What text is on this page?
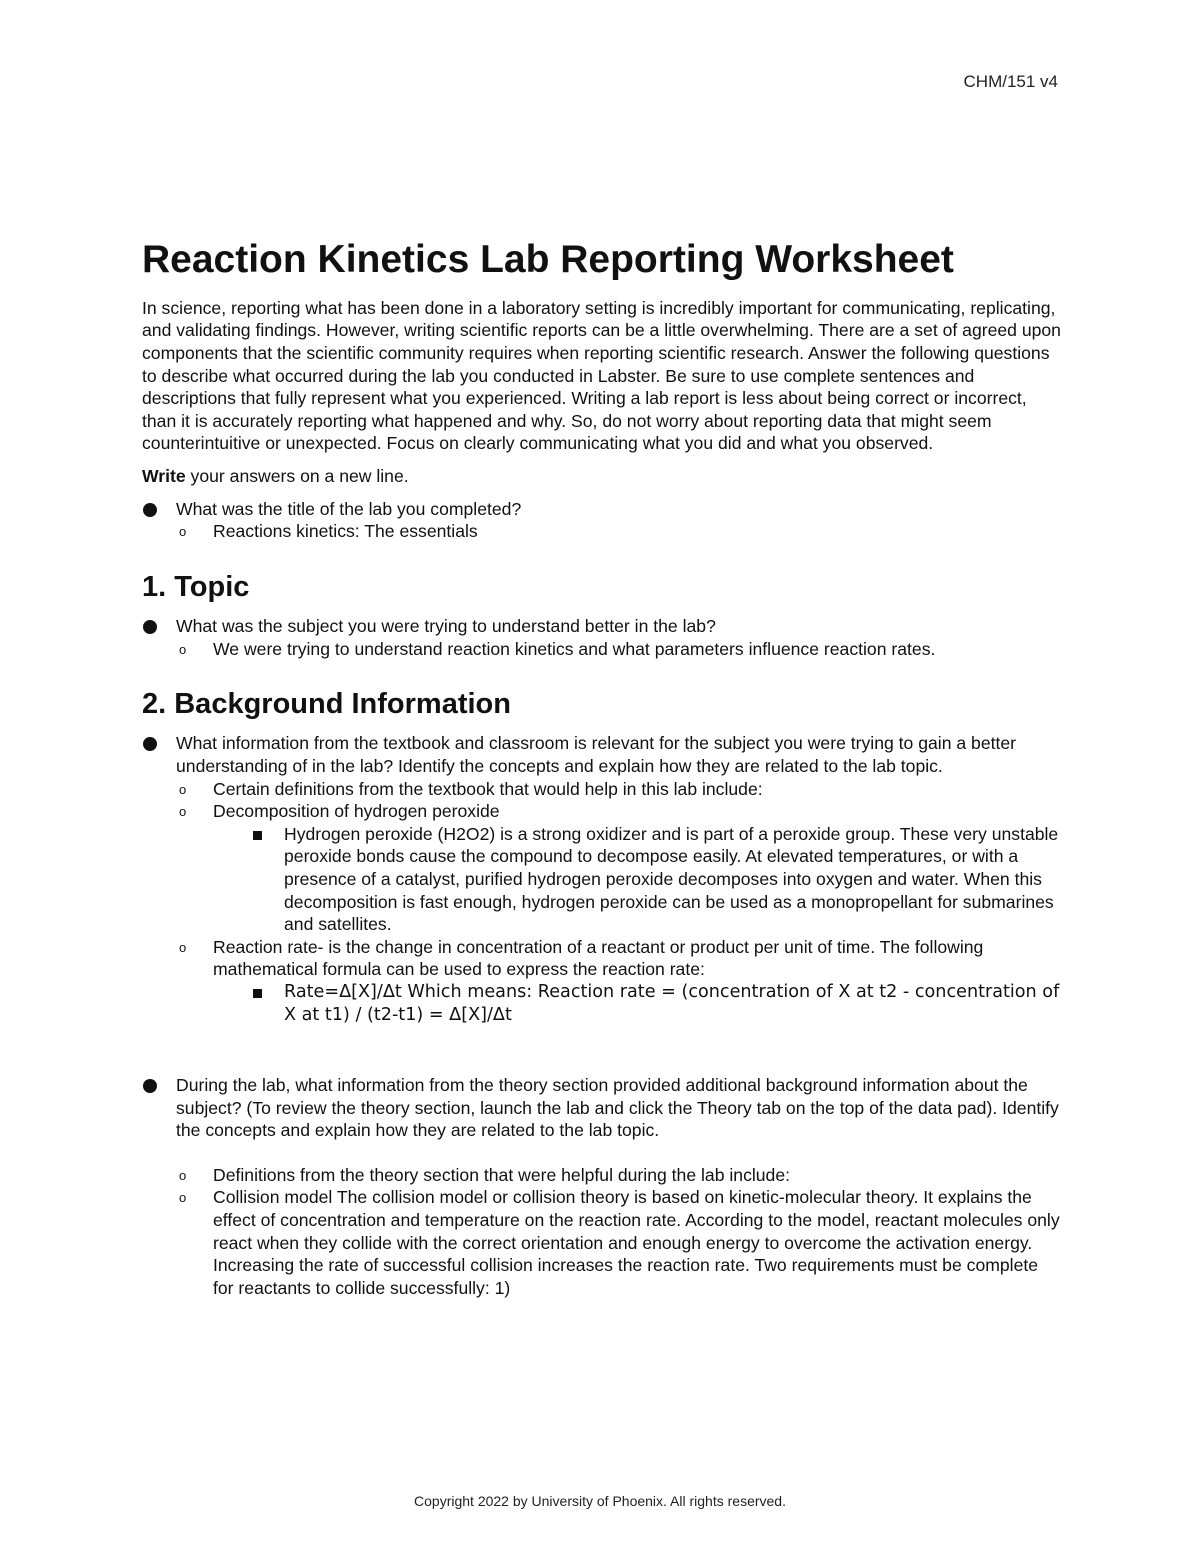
CHM/151 v4
Reaction Kinetics Lab Reporting Worksheet

In science, reporting what has been done in a laboratory setting is incredibly important for communicating, replicating, and validating findings. However, writing scientific reports can be a little overwhelming. There are a set of agreed upon components that the scientific community requires when reporting scientific research. Answer the following questions to describe what occurred during the lab you conducted in Labster. Be sure to use complete sentences and descriptions that fully represent what you experienced. Writing a lab report is less about being correct or incorrect, than it is accurately reporting what happened and why. So, do not worry about reporting data that might seem counterintuitive or unexpected. Focus on clearly communicating what you did and what you observed.

Write your answers on a new line.

What was the title of the lab you completed?
o Reactions kinetics: The essentials
1. Topic
What was the subject you were trying to understand better in the lab?
o We were trying to understand reaction kinetics and what parameters influence reaction rates.
2. Background Information
What information from the textbook and classroom is relevant for the subject you were trying to gain a better understanding of in the lab? Identify the concepts and explain how they are related to the lab topic.
o Certain definitions from the textbook that would help in this lab include:
o Decomposition of hydrogen peroxide
Hydrogen peroxide (H2O2) is a strong oxidizer and is part of a peroxide group. These very unstable peroxide bonds cause the compound to decompose easily. At elevated temperatures, or with a presence of a catalyst, purified hydrogen peroxide decomposes into oxygen and water. When this decomposition is fast enough, hydrogen peroxide can be used as a monopropellant for submarines and satellites.
o Reaction rate- is the change in concentration of a reactant or product per unit of time. The following mathematical formula can be used to express the reaction rate:
Rate=Δ[X]/Δt Which means: Reaction rate = (concentration of X at t2 - concentration of X at t1) / (t2-t1) = Δ[X]/Δt
During the lab, what information from the theory section provided additional background information about the subject? (To review the theory section, launch the lab and click the Theory tab on the top of the data pad). Identify the concepts and explain how they are related to the lab topic.
o Definitions from the theory section that were helpful during the lab include:
o Collision model The collision model or collision theory is based on kinetic-molecular theory. It explains the effect of concentration and temperature on the reaction rate. According to the model, reactant molecules only react when they collide with the correct orientation and enough energy to overcome the activation energy. Increasing the rate of successful collision increases the reaction rate. Two requirements must be complete for reactants to collide successfully: 1)
Copyright 2022 by University of Phoenix. All rights reserved.
